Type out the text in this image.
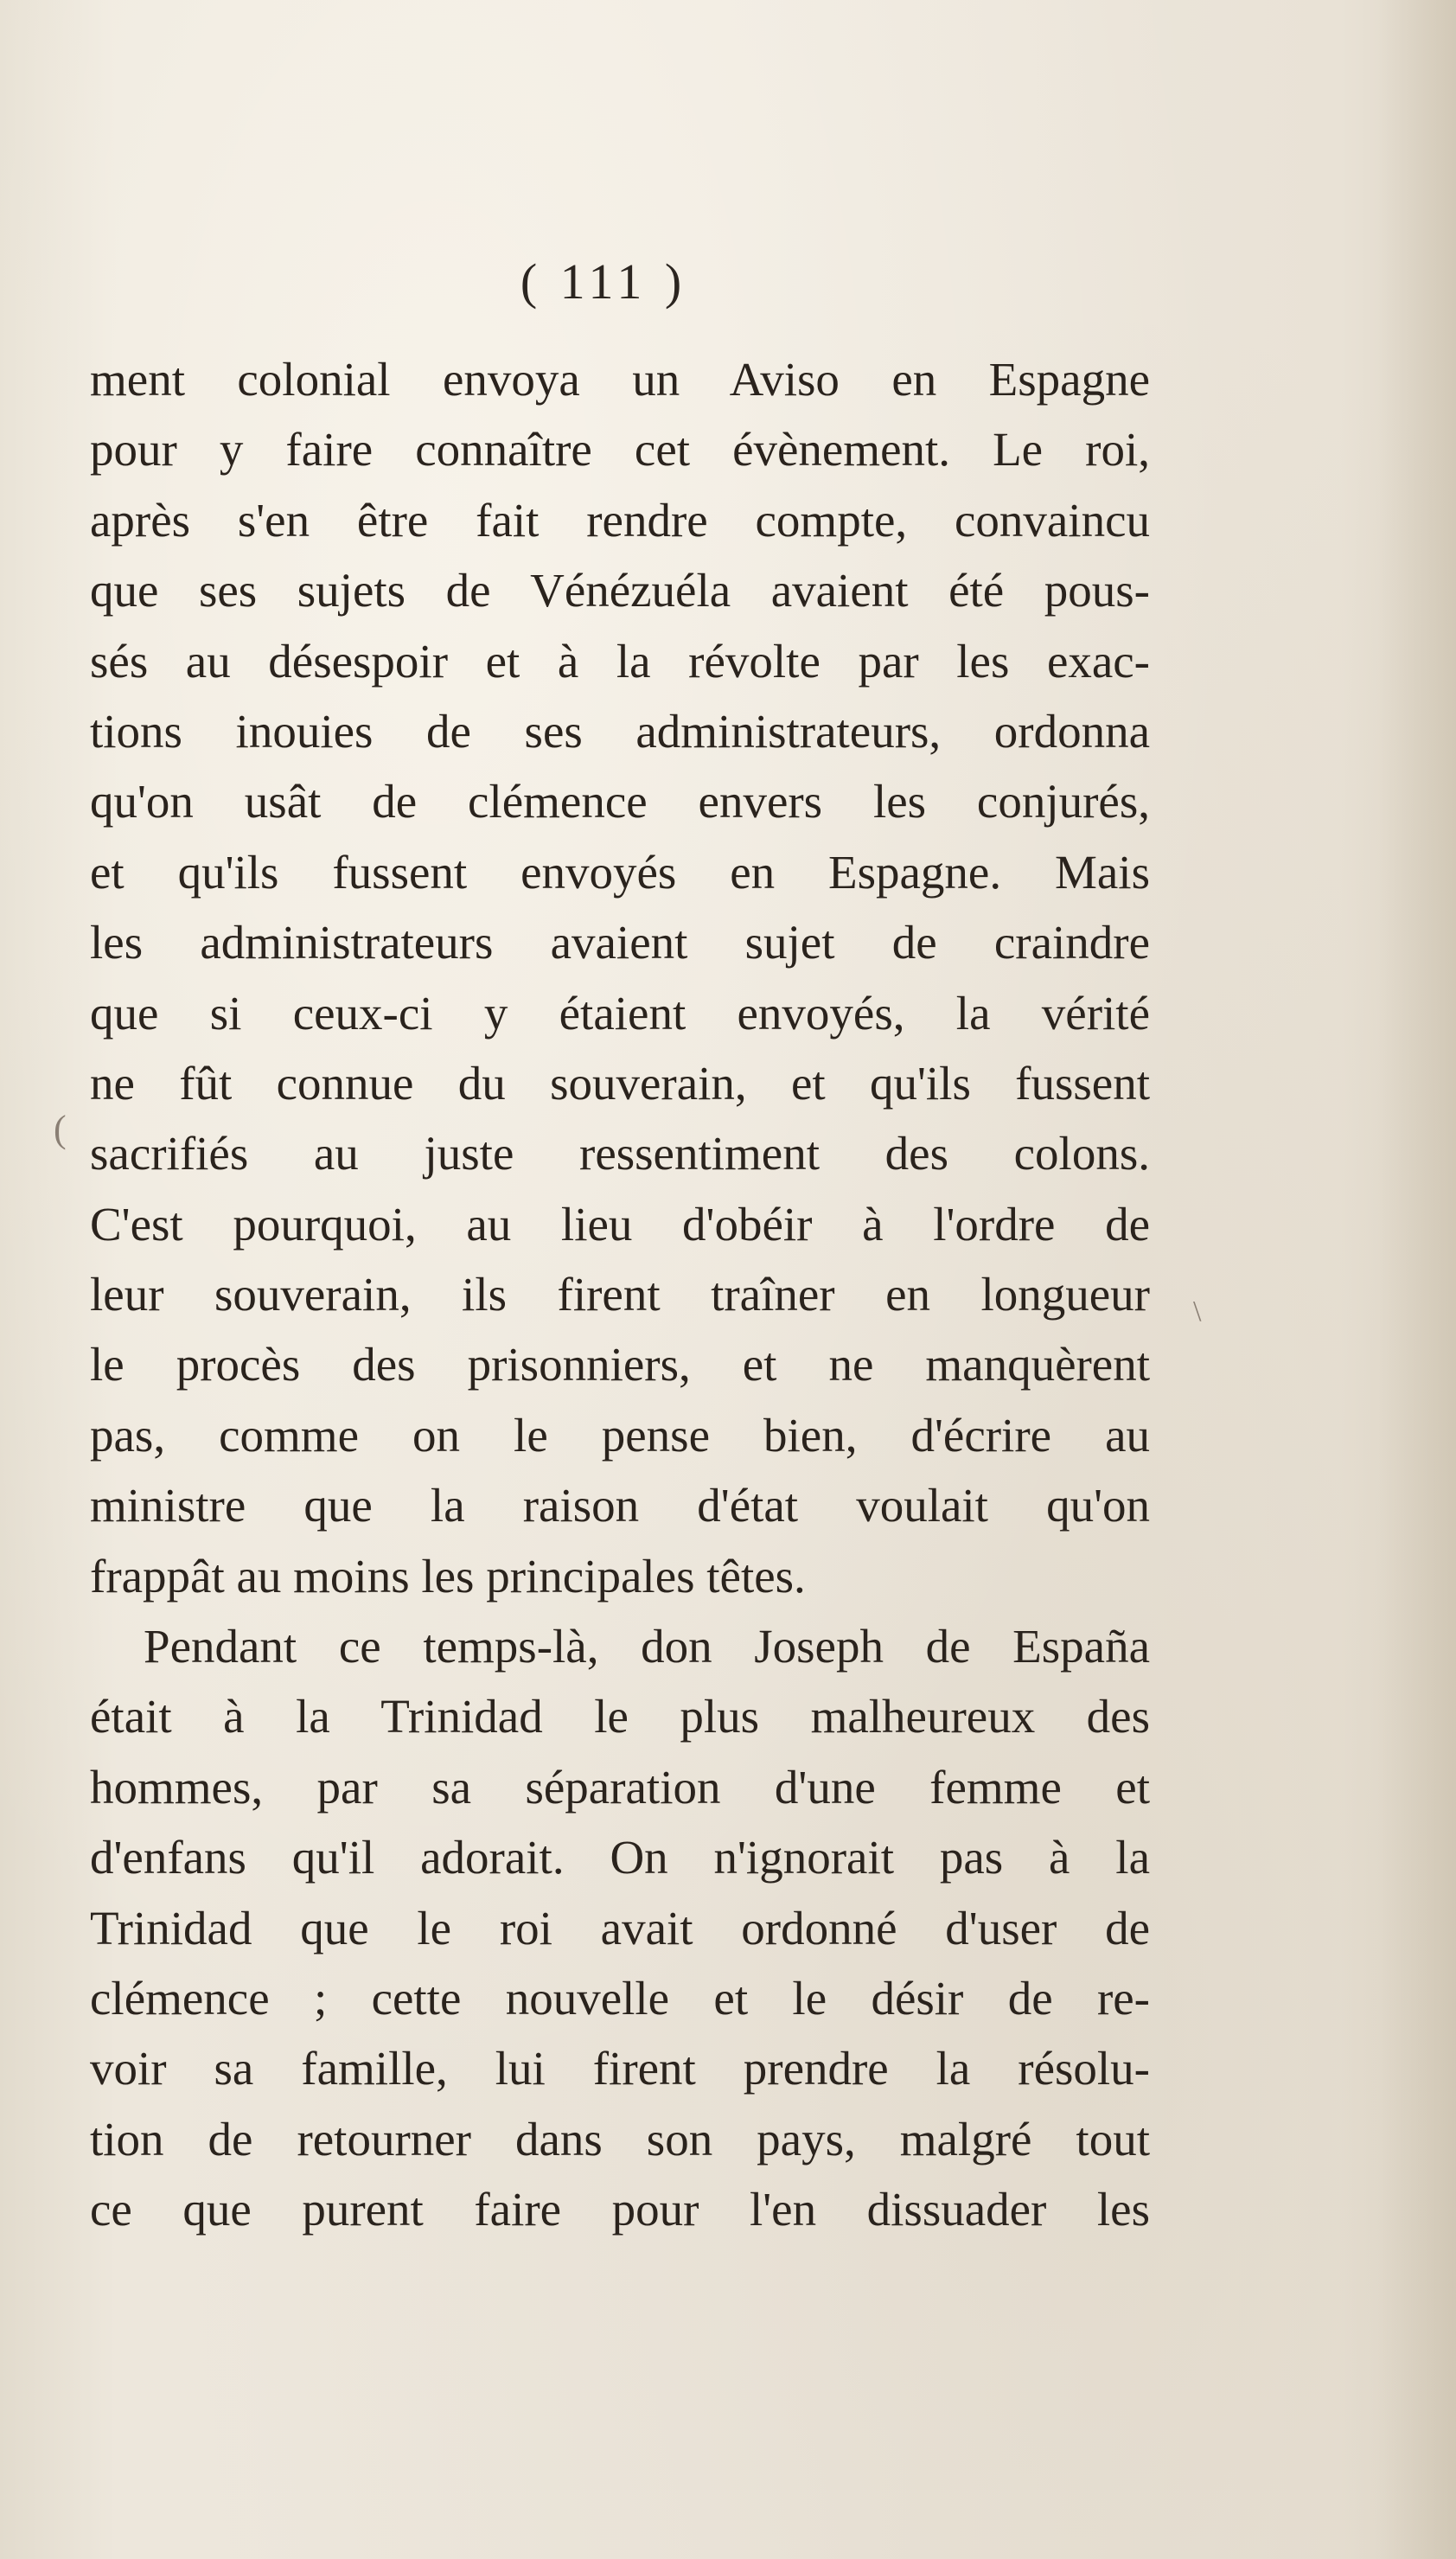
( 111 )
ment colonial envoya un Aviso en Espagne
pour y faire connaître cet évènement. Le roi,
après s'en être fait rendre compte, convaincu
que ses sujets de Vénézuéla avaient été pous-
sés au désespoir et à la révolte par les exac-
tions inouies de ses administrateurs, ordonna
qu'on usât de clémence envers les conjurés,
et qu'ils fussent envoyés en Espagne. Mais
les administrateurs avaient sujet de craindre
que si ceux-ci y étaient envoyés, la vérité
ne fût connue du souverain, et qu'ils fussent
sacrifiés au juste ressentiment des colons.
C'est pourquoi, au lieu d'obéir à l'ordre de
leur souverain, ils firent traîner en longueur
le procès des prisonniers, et ne manquèrent
pas, comme on le pense bien, d'écrire au
ministre que la raison d'état voulait qu'on
frappât au moins les principales têtes.
Pendant ce temps-là, don Joseph de España
était à la Trinidad le plus malheureux des
hommes, par sa séparation d'une femme et
d'enfans qu'il adorait. On n'ignorait pas à la
Trinidad que le roi avait ordonné d'user de
clémence ; cette nouvelle et le désir de re-
voir sa famille, lui firent prendre la résolu-
tion de retourner dans son pays, malgré tout
ce que purent faire pour l'en dissuader les
(
\
